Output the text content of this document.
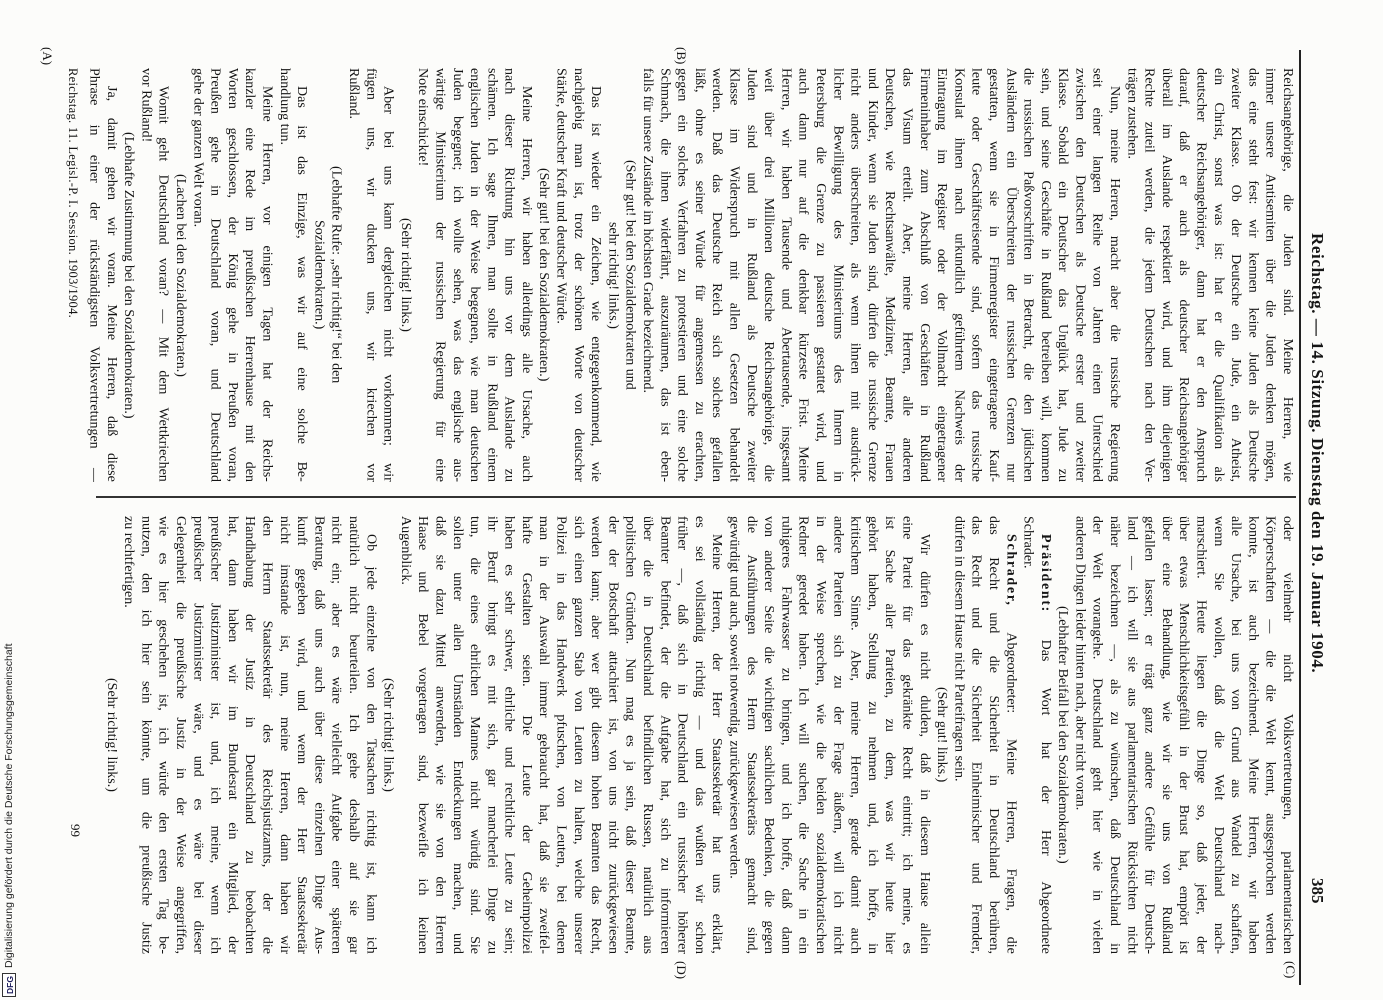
Reichstag. — 14. Sitzung. Dienstag den 19. Januar 1904.
385
(A)	(B)
(C)
(D)
Reichsangehörige, die Juden sind. Meine Herren, wie
immer unsere Antisemiten über die Juden denken mögen,
das eine steht fest: wir kennen keine Juden als Deutsche
zweiter Klasse. Ob der Deutsche ein Jude, ein Atheist,
ein Christ, sonst was ist: hat er die Qualifikation als
deutscher Reichsangehöriger, dann hat er den Anspruch
darauf, daß er auch als deutscher Reichsangehöriger
überall im Auslande respektiert wird, und ihm diejenigen
Rechte zuteil werden, die jedem Deutschen nach den Ver-
trägen zustehen.
Nun, meine Herren, macht aber die russische Regierung
seit einer langen Reihe von Jahren einen Unterschied
zwischen den Deutschen als Deutsche erster und zweiter
Klasse. Sobald ein Deutscher das Unglück hat, Jude zu
sein, und seine Geschäfte in Rußland betreiben will, kommen
die russischen Paßvorschriften in Betracht, die den jüdischen
Ausländern ein Überschreiten der russischen Grenzen nur
gestatten, wenn sie in Firmenregister eingetragene Kauf-
leute oder Geschäftsreisende sind, sofern das russische
Konsulat ihnen nach urkundlich geführtem Nachweis der
Eintragung im Register oder der Vollmacht eingetragener
Firmeninhaber zum Abschluß von Geschäften in Rußland
das Visum erteilt. Aber, meine Herren, alle anderen
Deutschen, wie Rechtsanwälte, Mediziner, Beamte, Frauen
und Kinder, wenn sie Juden sind, dürfen die russische Grenze
nicht anders überschreiten, als wenn ihnen mit ausdrück-
licher Bewilligung des Ministeriums des Innern in
Petersburg die Grenze zu passieren gestattet wird, und
auch dann nur auf die denkbar kürzeste Frist. Meine
Herren, wir haben Tausende und Abertausende, insgesamt
weit über drei Millionen deutsche Reichsangehörige, die
Juden sind und in Rußland als Deutsche zweiter
Klasse im Widerspruch mit allen Gesetzen behandelt
werden. Daß das Deutsche Reich sich solches gefallen
läßt, ohne es seiner Würde für angemessen zu erachten,
gegen ein solches Verfahren zu protestieren und eine solche
Schmach, die ihnen widerfährt, auszuräumen, das ist eben-
falls für unsere Zustände im höchsten Grade bezeichnend.
(Sehr gut! bei den Sozialdemokraten und
sehr richtig! links.)
Das ist wieder ein Zeichen, wie entgegenkommend, wie
nachgiebig man ist, trotz der schönen Worte von deutscher
Stärke, deutscher Kraft und deutscher Würde.
(Sehr gut! bei den Sozialdemokraten.)
Meine Herren, wir haben allerdings alle Ursache, auch
nach dieser Richtung hin uns vor dem Auslande zu
schämen. Ich sage Ihnen, man sollte in Rußland einem
englischen Juden in der Weise begegnen, wie man deutschen
Juden begegnet; ich wollte sehen, was das englische aus-
wärtige Ministerium der russischen Regierung für eine
Note einschickte!
(Sehr richtig! links.)
Aber bei uns kann dergleichen nicht vorkommen; wir
fügen uns, wir ducken uns, wir kriechen vor
Rußland.
(Lebhafte Rufe: „sehr richtig!“ bei den
Sozialdemokraten.)
Das ist das Einzige, was wir auf eine solche Be-
handlung tun.
Meine Herren, vor einigen Tagen hat der Reichs-
kanzler eine Rede im preußischen Herrenhause mit den
Worten geschlossen, der König gehe in Preußen voran,
Preußen gehe in Deutschland voran, und Deutschland
gehe der ganzen Welt voran.
(Lachen bei den Sozialdemokraten.)
Womit geht Deutschland voran? — Mit dem Wettkriechen
vor Rußland!
(Lebhafte Zustimmung bei den Sozialdemokraten.)
Ja, damit gehen wir voran. Meine Herren, daß diese
Phrase in einer der rückständigsten Volksvertretungen —
oder vielmehr nicht Volksvertretungen, parlamentarischen
Körperschaften — die die Welt kennt, ausgesprochen werden
konnte, ist auch bezeichnend. Meine Herren, wir haben
alle Ursache, bei uns von Grund aus Wandel zu schaffen,
wenn Sie wollen, daß die Welt Deutschland nach-
marschiert. Heute liegen die Dinge so, daß jeder, der
über etwas Menschlichkeitsgefühl in der Brust hat, empört ist
über eine Behandlung, wie wir sie uns von Rußland
gefallen lassen; er trägt ganz andere Gefühle für Deutsch-
land — ich will sie aus parlamentarischen Rücksichten nicht
näher bezeichnen —, als zu wünschen, daß Deutschland in
der Welt vorangehe. Deutschland geht hier wie in vielen
anderen Dingen leider hinten nach, aber nicht voran.
(Lebhafter Beifall bei den Sozialdemokraten.)
Präsident: Das Wort hat der Herr Abgeordnete
Schrader.
Schrader, Abgeordneter: Meine Herren, Fragen, die
das Recht und die Sicherheit in Deutschland berühren,
das Recht und die Sicherheit Einheimischer und Fremder,
dürfen in diesem Hause nicht Parteifragen sein.
(Sehr gut! links.)
Wir dürfen es nicht dulden, daß in diesem Hause allein
eine Partei für das gekränkte Recht eintritt; ich meine, es
ist Sache aller Parteien, zu dem, was wir heute hier
gehört haben, Stellung zu nehmen und, ich hoffe, in
kritischem Sinne. Aber, meine Herren, gerade damit auch
andere Parteien sich zu der Frage äußern, will ich nicht
in der Weise sprechen, wie die beiden sozialdemokratischen
Redner geredet haben. Ich will suchen, die Sache in ein
ruhigeres Fahrwasser zu bringen, und ich hoffe, daß dann
von anderer Seite die wichtigen sachlichen Bedenken, die gegen
die Ausführungen des Herrn Staatssekretärs gemacht sind,
gewürdigt und auch, soweit notwendig, zurückgewiesen werden.
Meine Herren, der Herr Staatssekretär hat uns erklärt,
es sei vollständig richtig — und das wußten wir schon
früher —, daß sich in Deutschland ein russischer höherer
Beamter befindet, der die Aufgabe hat, sich zu informieren
über die in Deutschland befindlichen Russen, natürlich aus
politischen Gründen. Nun mag es ja sein, daß dieser Beamte,
der der Botschaft attachiert ist, von uns nicht zurückgewiesen
werden kann; aber wer gibt diesem hohen Beamten das Recht,
sich einen ganzen Stab von Leuten zu halten, welche unserer
Polizei in das Handwerk pfuschen, von Leuten, bei denen
man in der Auswahl immer gebraucht hat, daß sie zweifel-
hafte Gestalten seien. Die Leute der Geheimpolizei
haben es sehr schwer, ehrliche und rechtliche Leute zu sein;
ihr Beruf bringt es mit sich, gar mancherlei Dinge zu
tun, die eines ehrlichen Mannes nicht würdig sind. Sie
sollen unter allen Umständen Entdeckungen machen, und
daß sie dazu Mittel anwenden, wie sie von den Herren
Haase und Bebel vorgetragen sind, bezweifle ich keinen
Augenblick.
(Sehr richtig! links.)
Ob jede einzelne von den Tatsachen richtig ist, kann ich
natürlich nicht beurteilen. Ich gehe deshalb auf sie gar
nicht ein; aber es wäre vielleicht Aufgabe einer späteren
Beratung, daß uns auch über diese einzelnen Dinge Aus-
kunft gegeben wird, und wenn der Herr Staatssekretär
nicht imstande ist, nun, meine Herren, dann haben wir
den Herrn Staatssekretär des Reichsjustizamts, der die
Handhabung der Justiz in Deutschland zu beobachten
hat, dann haben wir im Bundesrat ein Mitglied, der
preußischer Justizminister ist, und, ich meine, wenn ich
preußischer Justizminister wäre, und es wäre bei dieser
Gelegenheit die preußische Justiz in der Weise angegriffen,
wie es hier geschehen ist, ich würde den ersten Tag be-
nutzen, den ich hier sein könnte, um die preußische Justiz
zu rechtfertigen.
(Sehr richtig! links.)
Reichstag. 11. Legisl.-P. I. Session. 1903/1904.
99
Digitalisierung gefördert durch die Deutsche Forschungsgemeinschaft
DFG
